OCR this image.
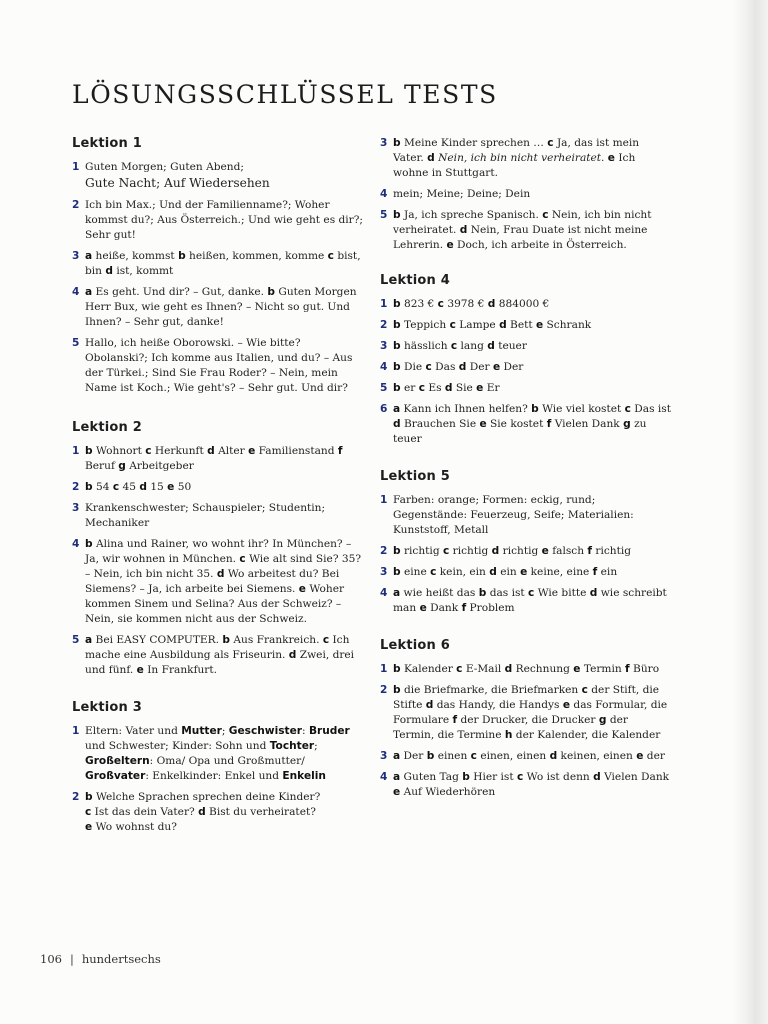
LÖSUNGSSCHLÜSSEL TESTS
Lektion 1
1 Guten Morgen; Guten Abend;
Gute Nacht; Auf Wiedersehen
2 Ich bin Max.; Und der Familienname?; Woher kommst du?; Aus Österreich.; Und wie geht es dir?; Sehr gut!
3 a heiße, kommst b heißen, kommen, komme c bist, bin d ist, kommt
4 a Es geht. Und dir? – Gut, danke. b Guten Morgen Herr Bux, wie geht es Ihnen? – Nicht so gut. Und Ihnen? – Sehr gut, danke!
5 Hallo, ich heiße Oborowski. – Wie bitte? Obolanski?; Ich komme aus Italien, und du? – Aus der Türkei.; Sind Sie Frau Roder? – Nein, mein Name ist Koch.; Wie geht's? – Sehr gut. Und dir?
Lektion 2
1 b Wohnort c Herkunft d Alter e Familienstand f Beruf g Arbeitgeber
2 b 54 c 45 d 15 e 50
3 Krankenschwester; Schauspieler; Studentin; Mechaniker
4 b Alina und Rainer, wo wohnt ihr? In München? – Ja, wir wohnen in München. c Wie alt sind Sie? 35? – Nein, ich bin nicht 35. d Wo arbeitest du? Bei Siemens? – Ja, ich arbeite bei Siemens. e Woher kommen Sinem und Selina? Aus der Schweiz? – Nein, sie kommen nicht aus der Schweiz.
5 a Bei EASY COMPUTER. b Aus Frankreich. c Ich mache eine Ausbildung als Friseurin. d Zwei, drei und fünf. e In Frankfurt.
Lektion 3
1 Eltern: Vater und Mutter; Geschwister: Bruder und Schwester; Kinder: Sohn und Tochter; Großeltern: Oma/ Opa und Großmutter/ Großvater: Enkelkinder: Enkel und Enkelin
2 b Welche Sprachen sprechen deine Kinder?
c Ist das dein Vater? d Bist du verheiratet?
e Wo wohnst du?
3 b Meine Kinder sprechen … c Ja, das ist mein Vater. d Nein, ich bin nicht verheiratet. e Ich wohne in Stuttgart.
4 mein; Meine; Deine; Dein
5 b Ja, ich spreche Spanisch. c Nein, ich bin nicht verheiratet. d Nein, Frau Duate ist nicht meine Lehrerin. e Doch, ich arbeite in Österreich.
Lektion 4
1 b 823 € c 3978 € d 884000 €
2 b Teppich c Lampe d Bett e Schrank
3 b hässlich c lang d teuer
4 b Die c Das d Der e Der
5 b er c Es d Sie e Er
6 a Kann ich Ihnen helfen? b Wie viel kostet c Das ist d Brauchen Sie e Sie kostet f Vielen Dank g zu teuer
Lektion 5
1 Farben: orange; Formen: eckig, rund; Gegenstände: Feuerzeug, Seife; Materialien: Kunststoff, Metall
2 b richtig c richtig d richtig e falsch f richtig
3 b eine c kein, ein d ein e keine, eine f ein
4 a wie heißt das b das ist c Wie bitte d wie schreibt man e Dank f Problem
Lektion 6
1 b Kalender c E-Mail d Rechnung e Termin f Büro
2 b die Briefmarke, die Briefmarken c der Stift, die Stifte d das Handy, die Handys e das Formular, die Formulare f der Drucker, die Drucker g der Termin, die Termine h der Kalender, die Kalender
3 a Der b einen c einen, einen d keinen, einen e der
4 a Guten Tag b Hier ist c Wo ist denn d Vielen Dank e Auf Wiederhören
106 | hundertsechs
